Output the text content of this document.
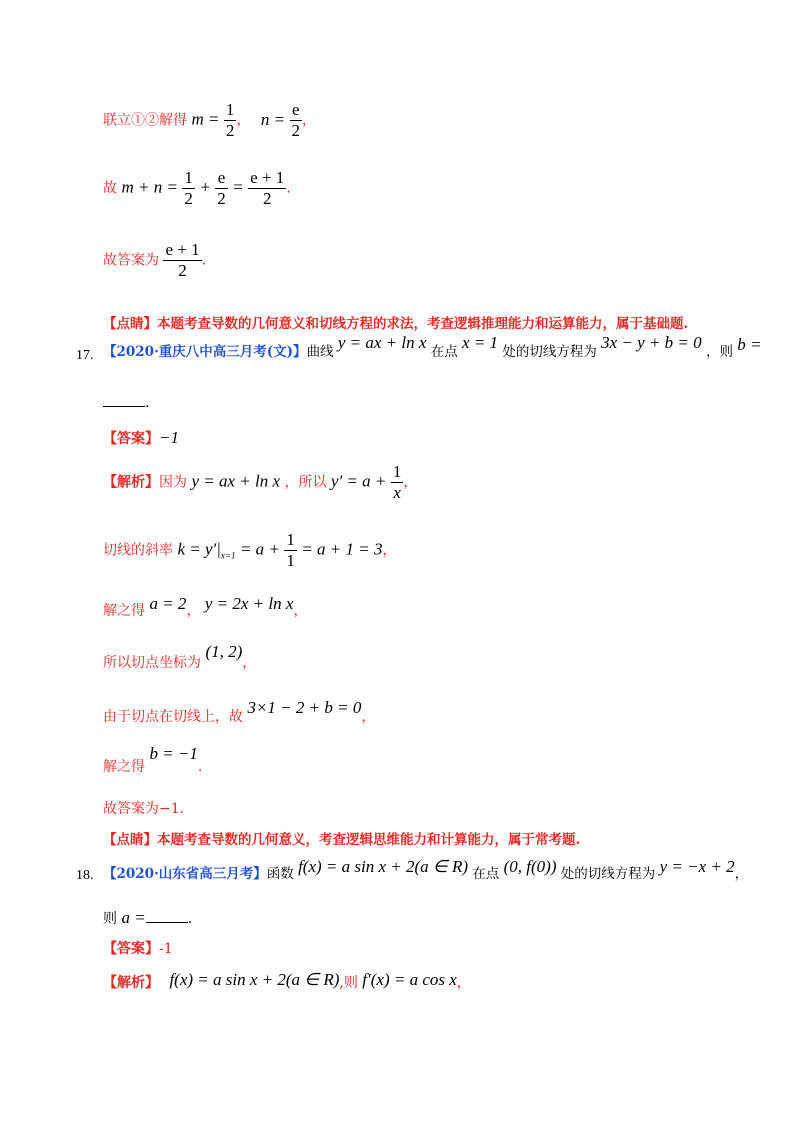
联立①②解得 $m = \frac{1}{2}$ ， $n = \frac{e}{2}$ ，
故 $m + n = \frac{1}{2} + \frac{e}{2} = \frac{e + 1}{2}$ .
故答案为 $\frac{e + 1}{2}$ .
【点睛】本题考查导数的几何意义和切线方程的求法，考查逻辑推理能力和运算能力，属于基础题.
17. 【2020·重庆八中高三月考(文)】曲线 y = ax + ln x 在点 x = 1 处的切线方程为 3x − y + b = 0 ，则 b =
.
【答案】−1
【解析】因为 y = ax + ln x ，所以 $y' = a + \frac{1}{x}$ ，
切线的斜率 $k = y'|_{x=1} = a + \frac{1}{1} = a + 1 = 3$，
解之得 a = 2， y = 2x + ln x，
所以切点坐标为 (1, 2)，
由于切点在切线上，故 3×1 − 2 + b = 0，
解之得 b = −1.
故答案为−1.
【点睛】本题考查导数的几何意义，考查逻辑思维能力和计算能力，属于常考题.
18. 【2020·山东省高三月考】函数 f(x) = a sin x + 2(a ∈ R) 在点 (0, f(0)) 处的切线方程为 y = −x + 2，
则 a =	.
【答案】-1
【解析】 f(x) = a sin x + 2(a ∈ R),则 f′(x) = a cos x，
